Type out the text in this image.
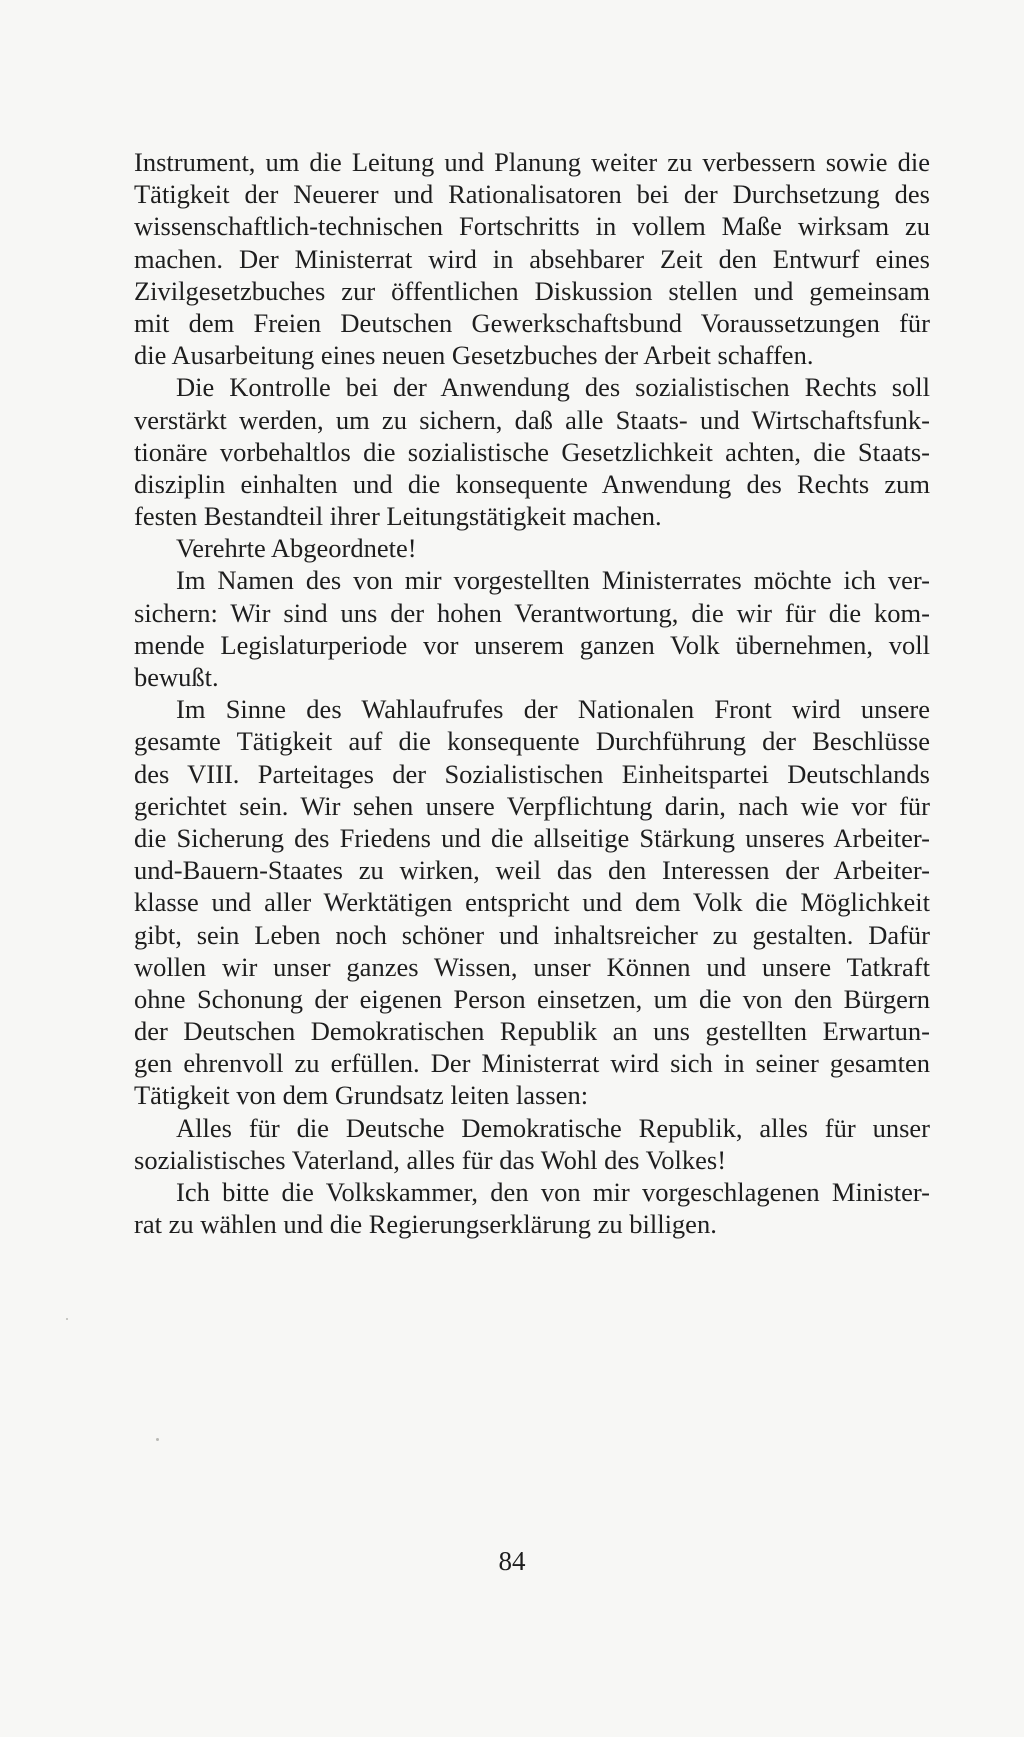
Instrument, um die Leitung und Planung weiter zu verbessern sowie die
Tätigkeit der Neuerer und Rationalisatoren bei der Durchsetzung des
wissenschaftlich-technischen Fortschritts in vollem Maße wirksam zu
machen. Der Ministerrat wird in absehbarer Zeit den Entwurf eines
Zivilgesetzbuches zur öffentlichen Diskussion stellen und gemeinsam
mit dem Freien Deutschen Gewerkschaftsbund Voraussetzungen für
die Ausarbeitung eines neuen Gesetzbuches der Arbeit schaffen.
Die Kontrolle bei der Anwendung des sozialistischen Rechts soll
verstärkt werden, um zu sichern, daß alle Staats- und Wirtschaftsfunk-
tionäre vorbehaltlos die sozialistische Gesetzlichkeit achten, die Staats-
disziplin einhalten und die konsequente Anwendung des Rechts zum
festen Bestandteil ihrer Leitungstätigkeit machen.
Verehrte Abgeordnete!
Im Namen des von mir vorgestellten Ministerrates möchte ich ver-
sichern: Wir sind uns der hohen Verantwortung, die wir für die kom-
mende Legislaturperiode vor unserem ganzen Volk übernehmen, voll
bewußt.
Im Sinne des Wahlaufrufes der Nationalen Front wird unsere
gesamte Tätigkeit auf die konsequente Durchführung der Beschlüsse
des VIII. Parteitages der Sozialistischen Einheitspartei Deutschlands
gerichtet sein. Wir sehen unsere Verpflichtung darin, nach wie vor für
die Sicherung des Friedens und die allseitige Stärkung unseres Arbeiter-
und-Bauern-Staates zu wirken, weil das den Interessen der Arbeiter-
klasse und aller Werktätigen entspricht und dem Volk die Möglichkeit
gibt, sein Leben noch schöner und inhaltsreicher zu gestalten. Dafür
wollen wir unser ganzes Wissen, unser Können und unsere Tatkraft
ohne Schonung der eigenen Person einsetzen, um die von den Bürgern
der Deutschen Demokratischen Republik an uns gestellten Erwartun-
gen ehrenvoll zu erfüllen. Der Ministerrat wird sich in seiner gesamten
Tätigkeit von dem Grundsatz leiten lassen:
Alles für die Deutsche Demokratische Republik, alles für unser
sozialistisches Vaterland, alles für das Wohl des Volkes!
Ich bitte die Volkskammer, den von mir vorgeschlagenen Minister-
rat zu wählen und die Regierungserklärung zu billigen.
84
